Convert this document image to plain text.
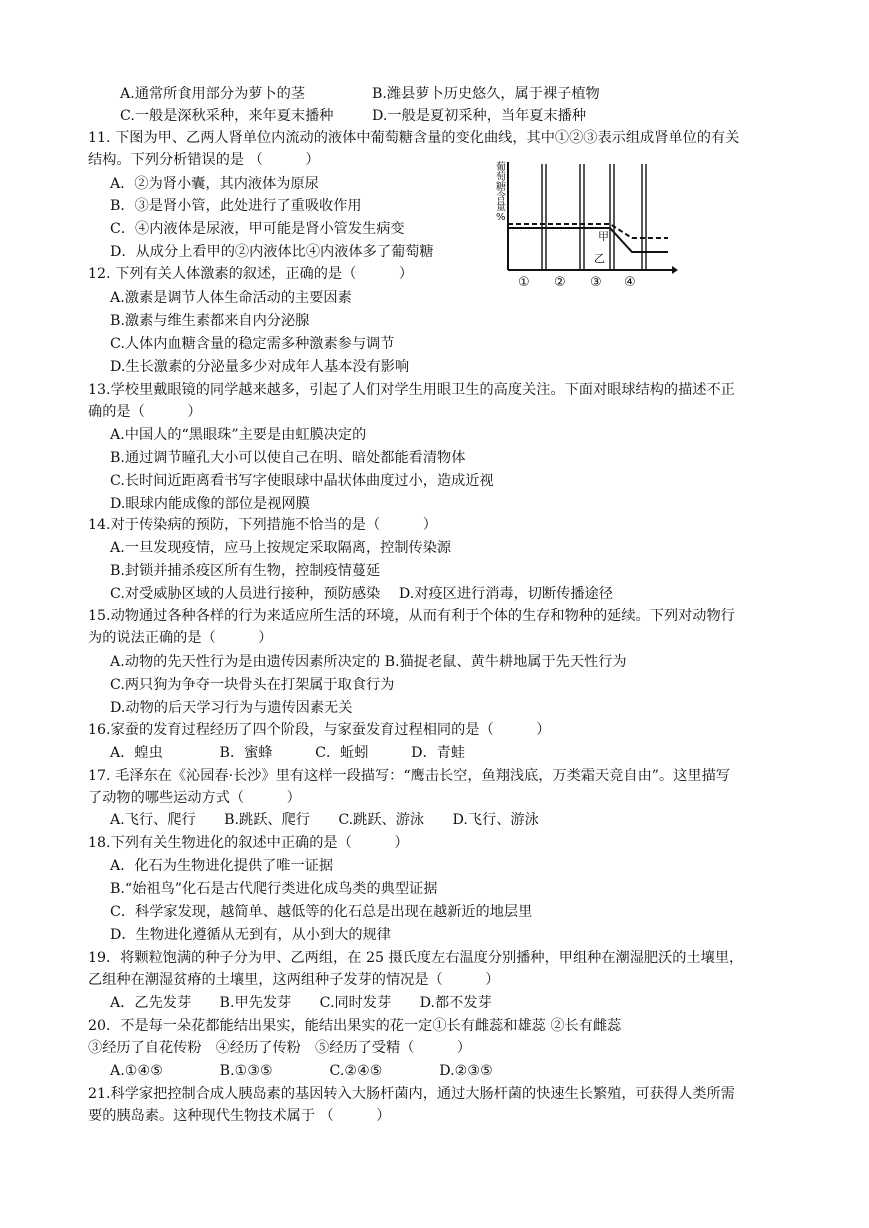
A.通常所食用部分为萝卜的茎	B.潍县萝卜历史悠久，属于裸子植物
C.一般是深秋采种，来年夏末播种	D.一般是夏初采种，当年夏末播种
11. 下图为甲、乙两人肾单位内流动的液体中葡萄糖含量的变化曲线，其中①②③表示组成肾单位的有关
结构。下列分析错误的是 （　　　）
A．②为肾小囊，其内液体为原尿
B．③是肾小管，此处进行了重吸收作用
C．④内液体是尿液，甲可能是肾小管发生病变
D．从成分上看甲的②内液体比④内液体多了葡萄糖
12. 下列有关人体激素的叙述，正确的是（　　　）
A.激素是调节人体生命活动的主要因素
B.激素与维生素都来自内分泌腺
C.人体内血糖含量的稳定需多种激素参与调节
D.生长激素的分泌量多少对成年人基本没有影响
13.学校里戴眼镜的同学越来越多，引起了人们对学生用眼卫生的高度关注。下面对眼球结构的描述不正
确的是（　　　）
A.中国人的“黑眼珠”主要是由虹膜决定的
B.通过调节瞳孔大小可以使自己在明、暗处都能看清物体
C.长时间近距离看书写字使眼球中晶状体曲度过小，造成近视
D.眼球内能成像的部位是视网膜
14.对于传染病的预防，下列措施不恰当的是（　　　）
A.一旦发现疫情，应马上按规定采取隔离，控制传染源
B.封锁并捕杀疫区所有生物，控制疫情蔓延
C.对受威胁区域的人员进行接种，预防感染　 D.对疫区进行消毒，切断传播途径
15.动物通过各种各样的行为来适应所生活的环境，从而有利于个体的生存和物种的延续。下列对动物行
为的说法正确的是（　　　）
A.动物的先天性行为是由遗传因素所决定的 B.猫捉老鼠、黄牛耕地属于先天性行为
C.两只狗为争夺一块骨头在打架属于取食行为
D.动物的后天学习行为与遗传因素无关
16.家蚕的发育过程经历了四个阶段，与家蚕发育过程相同的是（　　　）
A．蝗虫　　　　B．蜜蜂　　　C．蚯蚓　　　D．青蛙
17. 毛泽东在《沁园春·长沙》里有这样一段描写：“鹰击长空，鱼翔浅底，万类霜天竞自由”。这里描写
了动物的哪些运动方式（　　　）
A.飞行、爬行　　B.跳跃、爬行　　C.跳跃、游泳　　D.飞行、游泳
18.下列有关生物进化的叙述中正确的是（　　　）
A．化石为生物进化提供了唯一证据
B.“始祖鸟”化石是古代爬行类进化成鸟类的典型证据
C．科学家发现，越简单、越低等的化石总是出现在越新近的地层里
D．生物进化遵循从无到有，从小到大的规律
19．将颗粒饱满的种子分为甲、乙两组，在 25 摄氏度左右温度分别播种，甲组种在潮湿肥沃的土壤里，
乙组种在潮湿贫瘠的土壤里，这两组种子发芽的情况是（　　　）
A．乙先发芽　　B.甲先发芽　　C.同时发芽　　D.都不发芽
20．不是每一朵花都能结出果实，能结出果实的花一定①长有雌蕊和雄蕊 ②长有雌蕊
③经历了自花传粉　④经历了传粉　⑤经历了受精（　　　）
A.①④⑤　　　　B.①③⑤　　　　C.②④⑤　　　　D.②③⑤
21.科学家把控制合成人胰岛素的基因转入大肠杆菌内，通过大肠杆菌的快速生长繁殖，可获得人类所需
要的胰岛素。这种现代生物技术属于 （　　　）
葡萄糖含量%
甲
乙
① ② ③ ④
